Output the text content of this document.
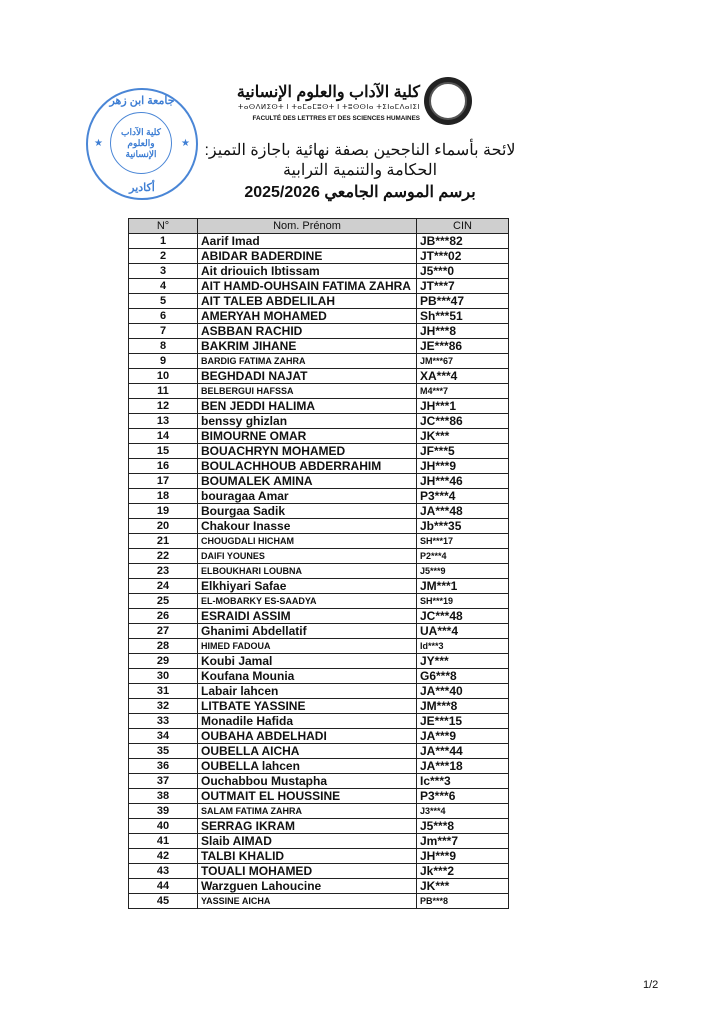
جامعة ابن زهر
★	★
كلية الآداب والعلوم الإنسانية
أكادير
كلية الآداب والعلوم الإنسانية
ⵜⴰⵙⴷⵍⵉⵙⵜ ⵏ ⵜⴰⵎⴰⵎⵓⵙⵜ ⵏ ⵜⵓⵙⵙⵏⴰ ⵜⵉⵏⴰⵎⴷⴰⵏⵉⵏ
FACULTÉ DES LETTRES ET DES SCIENCES HUMAINES
لائحة بأسماء الناجحين بصفة نهائية باجازة التميز:
الحكامة والتنمية الترابية
برسم الموسم الجامعي 2025/2026
N°	Nom. Prénom	CIN
1	Aarif Imad	JB***82
2	ABIDAR BADERDINE	JT***02
3	Ait driouich Ibtissam	J5***0
4	AIT HAMD-OUHSAIN FATIMA ZAHRA	JT***7
5	AIT TALEB ABDELILAH	PB***47
6	AMERYAH MOHAMED	Sh***51
7	ASBBAN RACHID	JH***8
8	BAKRIM JIHANE	JE***86
9	BARDIG FATIMA ZAHRA	JM***67
10	BEGHDADI NAJAT	XA***4
11	BELBERGUI HAFSSA	M4***7
12	BEN JEDDI HALIMA	JH***1
13	benssy ghizlan	JC***86
14	BIMOURNE OMAR	JK***
15	BOUACHRYN MOHAMED	JF***5
16	BOULACHHOUB ABDERRAHIM	JH***9
17	BOUMALEK AMINA	JH***46
18	bouragaa Amar	P3***4
19	Bourgaa Sadik	JA***48
20	Chakour Inasse	Jb***35
21	CHOUGDALI HICHAM	SH***17
22	DAIFI YOUNES	P2***4
23	ELBOUKHARI LOUBNA	J5***9
24	Elkhiyari Safae	JM***1
25	EL-MOBARKY ES-SAADYA	SH***19
26	ESRAIDI ASSIM	JC***48
27	Ghanimi Abdellatif	UA***4
28	HIMED FADOUA	Id***3
29	Koubi Jamal	JY***
30	Koufana Mounia	G6***8
31	Labair lahcen	JA***40
32	LITBATE YASSINE	JM***8
33	Monadile Hafida	JE***15
34	OUBAHA ABDELHADI	JA***9
35	OUBELLA AICHA	JA***44
36	OUBELLA lahcen	JA***18
37	Ouchabbou Mustapha	Ic***3
38	OUTMAIT EL HOUSSINE	P3***6
39	SALAM FATIMA ZAHRA	J3***4
40	SERRAG IKRAM	J5***8
41	Slaib AIMAD	Jm***7
42	TALBI KHALID	JH***9
43	TOUALI MOHAMED	Jk***2
44	Warzguen Lahoucine	JK***
45	YASSINE AICHA	PB***8
1/2
